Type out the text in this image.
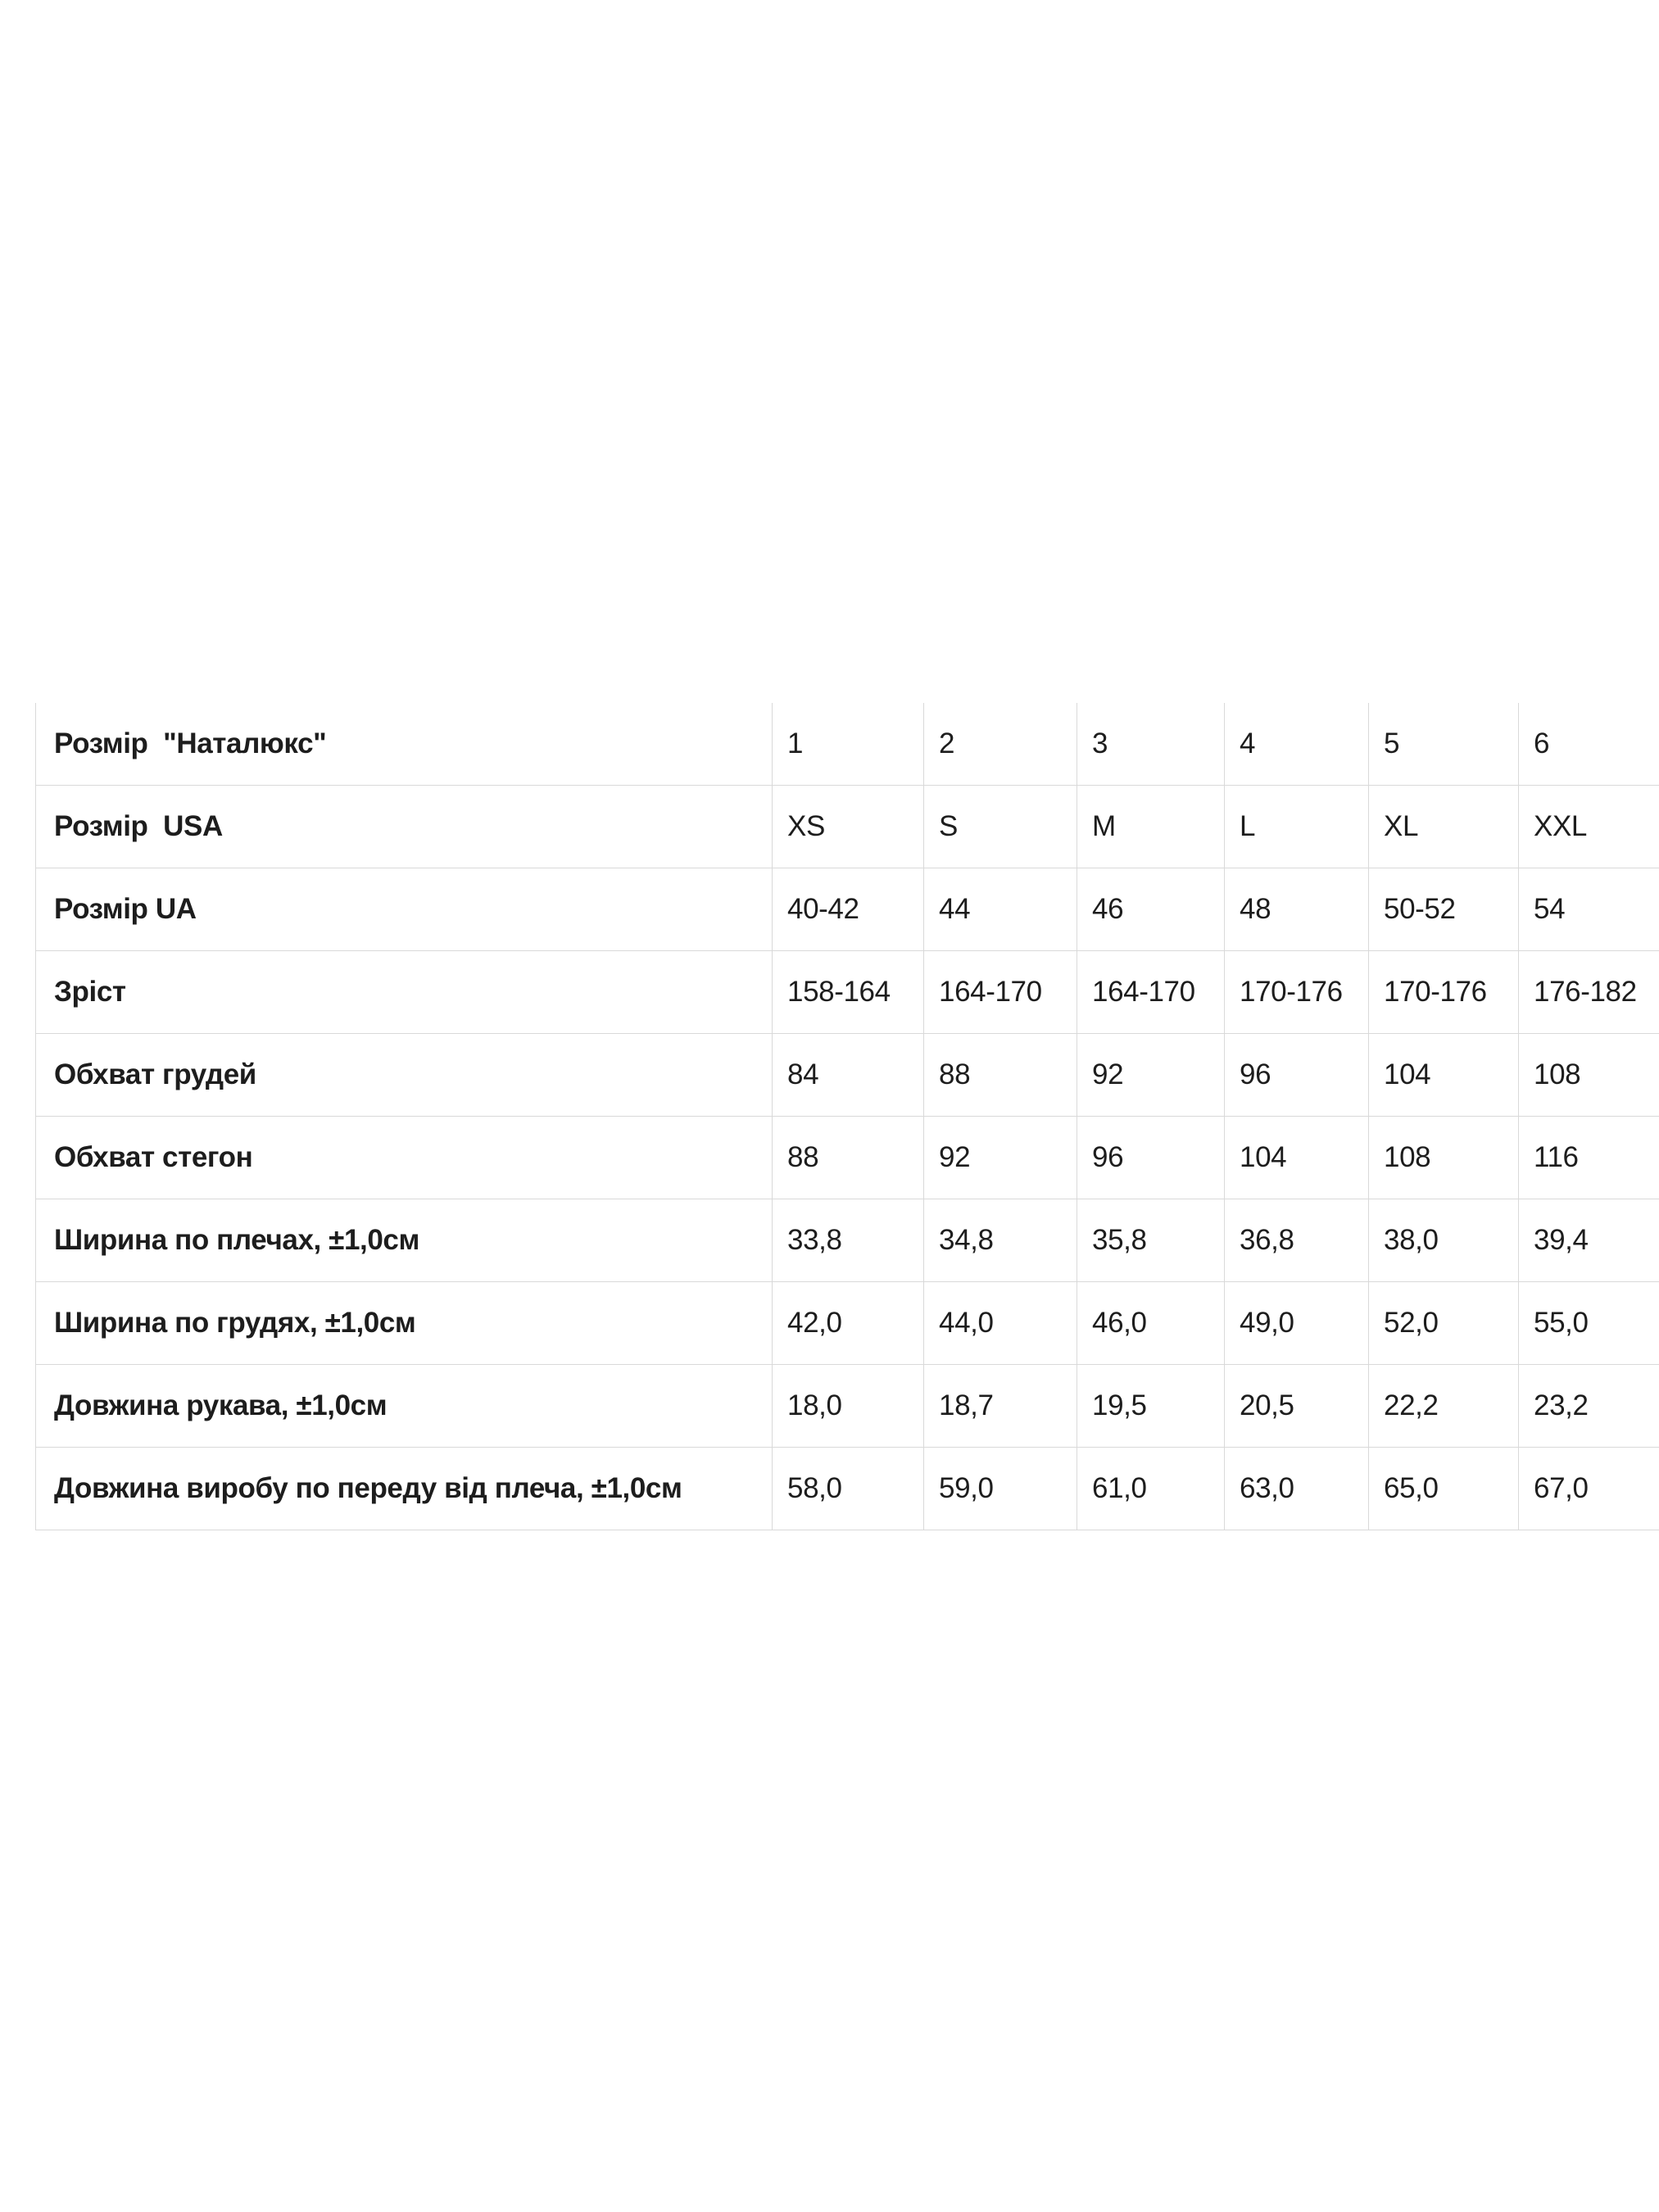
Розмір  "Наталюкс"	1	2	3	4	5	6
Розмір  USA	XS	S	M	L	XL	XXL
Розмір UA	40-42	44	46	48	50-52	54
Зріст	158-164	164-170	164-170	170-176	170-176	176-182
Обхват грудей	84	88	92	96	104	108
Обхват стегон	88	92	96	104	108	116
Ширина по плечах, ±1,0см	33,8	34,8	35,8	36,8	38,0	39,4
Ширина по грудях, ±1,0см	42,0	44,0	46,0	49,0	52,0	55,0
Довжина рукава, ±1,0см	18,0	18,7	19,5	20,5	22,2	23,2
Довжина виробу по переду від плеча, ±1,0см	58,0	59,0	61,0	63,0	65,0	67,0
